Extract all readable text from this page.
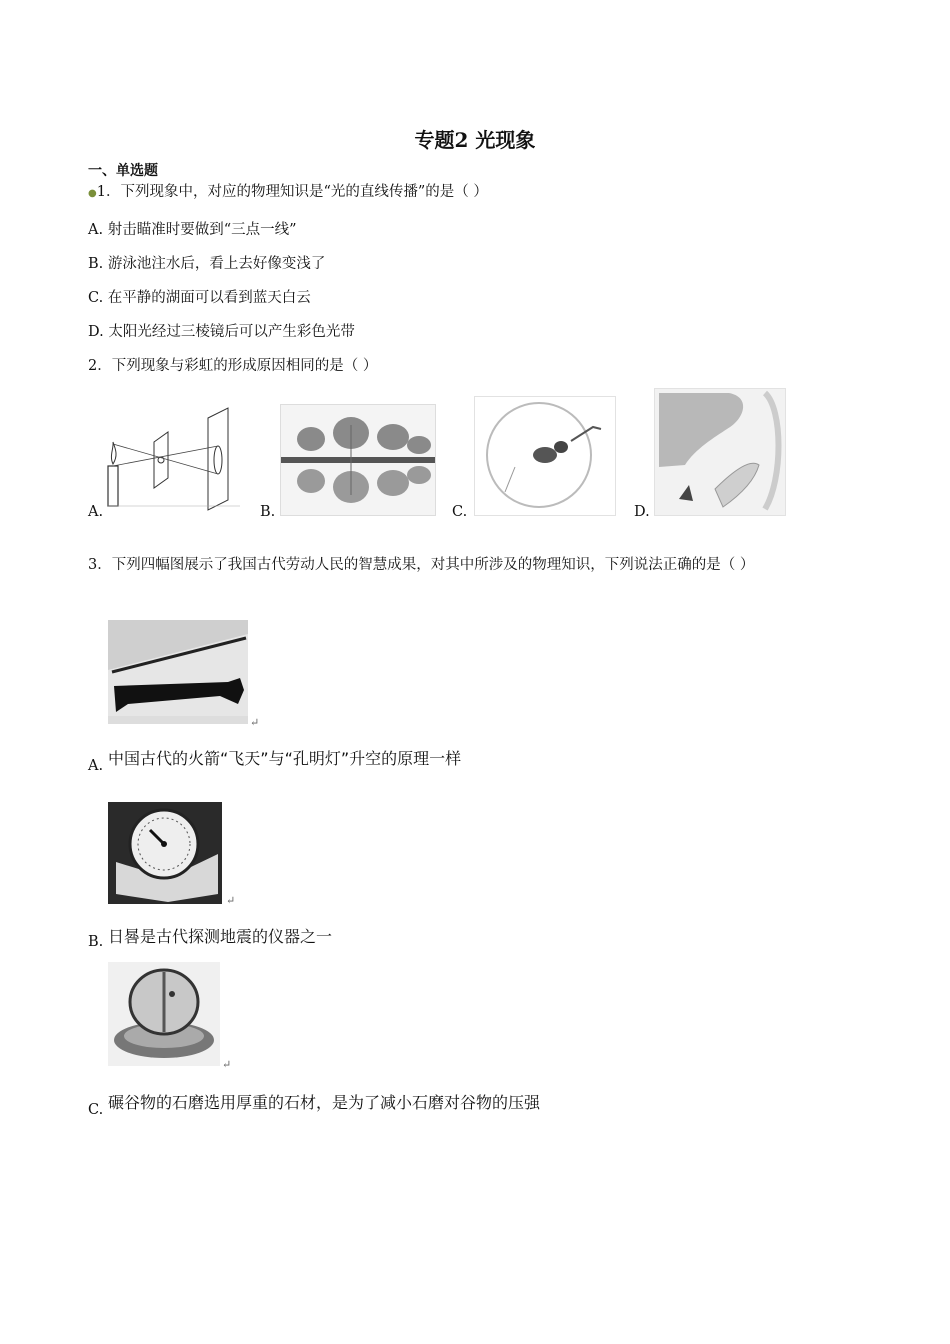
专题2 光现象
一、单选题
●1．下列现象中，对应的物理知识是“光的直线传播”的是（ ）
A. 射击瞄准时要做到“三点一线”
B. 游泳池注水后，看上去好像变浅了
C. 在平静的湖面可以看到蓝天白云
D. 太阳光经过三棱镜后可以产生彩色光带
2．下列现象与彩虹的形成原因相同的是（ ）
A.	B.	C.	D.
3．下列四幅图展示了我国古代劳动人民的智慧成果，对其中所涉及的物理知识，下列说法正确的是（ ）
↵
A. 中国古代的火箭“飞天”与“孔明灯”升空的原理一样
↵
B. 日晷是古代探测地震的仪器之一
↵
C. 碾谷物的石磨选用厚重的石材，是为了减小石磨对谷物的压强
